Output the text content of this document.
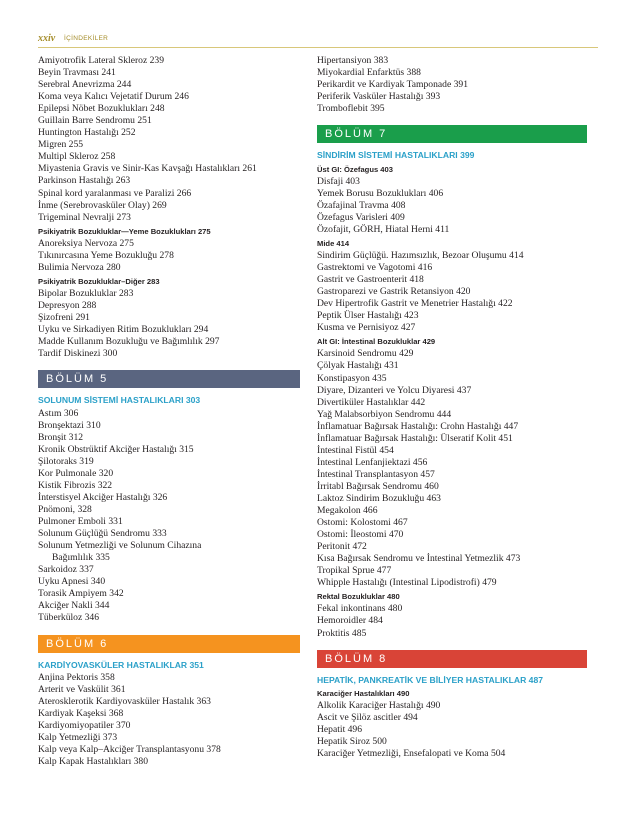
xxiv İÇİNDEKİLER
Amiyotrofik Lateral Skleroz 239
Beyin Travması 241
Serebral Anevrizma 244
Koma veya Kalıcı Vejetatif Durum 246
Epilepsi Nöbet Bozuklukları 248
Guillain Barre Sendromu 251
Huntington Hastalığı 252
Migren 255
Multipl Skleroz 258
Miyastenia Gravis ve Sinir-Kas Kavşağı Hastalıkları 261
Parkinson Hastalığı 263
Spinal kord yaralanması ve Paralizi 266
İnme (Serebrovasküler Olay) 269
Trigeminal Nevralji 273
Psikiyatrik Bozukluklar—Yeme Bozuklukları 275
Anoreksiya Nervoza 275
Tıkınırcasına Yeme Bozukluğu 278
Bulimia Nervoza 280
Psikiyatrik Bozukluklar–Diğer 283
Bipolar Bozukluklar 283
Depresyon 288
Şizofreni 291
Uyku ve Sirkadiyen Ritim Bozuklukları 294
Madde Kullanım Bozukluğu ve Bağımlılık 297
Tardif Diskinezi 300
BÖLÜM 5
SOLUNUM SİSTEMİ HASTALIKLARI 303
Astım 306
Bronşektazi 310
Bronşit 312
Kronik Obstrüktif Akciğer Hastalığı 315
Şilotoraks 319
Kor Pulmonale 320
Kistik Fibrozis 322
İnterstisyel Akciğer Hastalığı 326
Pnömoni, 328
Pulmoner Emboli 331
Solunum Güçlüğü Sendromu 333
Solunum Yetmezliği ve Solunum Cihazına
Bağımlılık 335
Sarkoidoz 337
Uyku Apnesi 340
Torasik Ampiyem 342
Akciğer Nakli 344
Tüberküloz 346
BÖLÜM 6
KARDİYOVASKÜLER HASTALIKLAR 351
Anjina Pektoris 358
Arterit ve Vaskülit 361
Aterosklerotik Kardiyovasküler Hastalık 363
Kardiyak Kaşeksi 368
Kardiyomiyopatiler 370
Kalp Yetmezliği 373
Kalp veya Kalp–Akciğer Transplantasyonu 378
Kalp Kapak Hastalıkları 380
Hipertansiyon 383
Miyokardial Enfarktüs 388
Perikardit ve Kardiyak Tamponade 391
Periferik Vasküler Hastalığı 393
Tromboflebit 395
BÖLÜM 7
SİNDİRİM SİSTEMİ HASTALIKLARI 399
Üst GI: Özefagus 403
Disfaji 403
Yemek Borusu Bozuklukları 406
Özafajinal Travma 408
Özefagus Varisleri 409
Özofajit, GÖRH, Hiatal Herni 411
Mide 414
Sindirim Güçlüğü. Hazımsızlık, Bezoar Oluşumu 414
Gastrektomi ve Vagotomi 416
Gastrit ve Gastroenterit 418
Gastroparezi ve Gastrik Retansiyon 420
Dev Hipertrofik Gastrit ve Menetrier Hastalığı 422
Peptik Ülser Hastalığı 423
Kusma ve Pernisiyoz 427
Alt GI: İntestinal Bozukluklar 429
Karsinoid Sendromu 429
Çölyak Hastalığı 431
Konstipasyon 435
Diyare, Dizanteri ve Yolcu Diyaresi 437
Divertiküler Hastalıklar 442
Yağ Malabsorbiyon Sendromu 444
İnflamatuar Bağırsak Hastalığı: Crohn Hastalığı 447
İnflamatuar Bağırsak Hastalığı: Ülseratif Kolit 451
İntestinal Fistül 454
İntestinal Lenfanjiektazi 456
İntestinal Transplantasyon 457
İrritabl Bağırsak Sendromu 460
Laktoz Sindirim Bozukluğu 463
Megakolon 466
Ostomi: Kolostomi 467
Ostomi: İleostomi 470
Peritonit 472
Kısa Bağırsak Sendromu ve İntestinal Yetmezlik 473
Tropikal Sprue 477
Whipple Hastalığı (Intestinal Lipodistrofi) 479
Rektal Bozukluklar 480
Fekal inkontinans 480
Hemoroidler 484
Proktitis 485
BÖLÜM 8
HEPATİK, PANKREATİK VE BİLİYER HASTALIKLAR 487
Karaciğer Hastalıkları 490
Alkolik Karaciğer Hastalığı 490
Ascit ve Şilöz ascitler 494
Hepatit 496
Hepatik Siroz 500
Karaciğer Yetmezliği, Ensefalopati ve Koma 504
